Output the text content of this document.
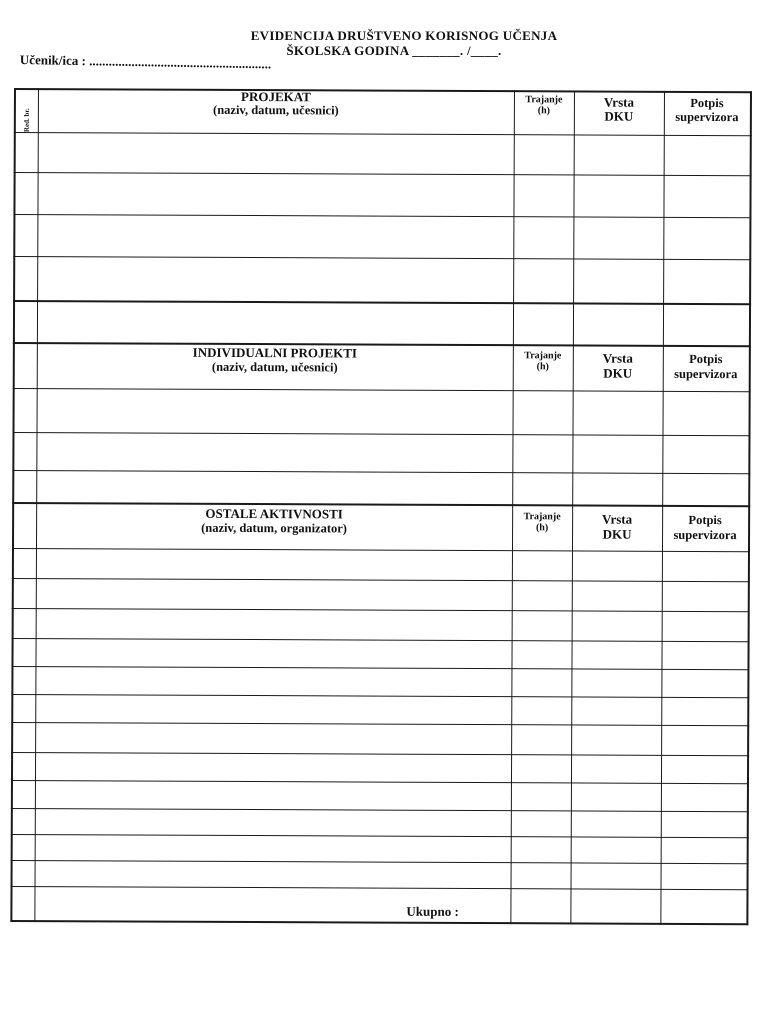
EVIDENCIJA DRUŠTVENO KORISNOG UČENJA
ŠKOLSKA GODINA _______. /____.
Učenik/ica : ........................................................
Red. br.
PROJEKAT
(naziv, datum, učesnici)
Trajanje
(h)
Vrsta
DKU
Potpis
supervizora
INDIVIDUALNI PROJEKTI
(naziv, datum, učesnici)
Trajanje
(h)
Vrsta
DKU
Potpis
supervizora
OSTALE AKTIVNOSTI
(naziv, datum, organizator)
Trajanje
(h)
Vrsta
DKU
Potpis
supervizora
Ukupno :
